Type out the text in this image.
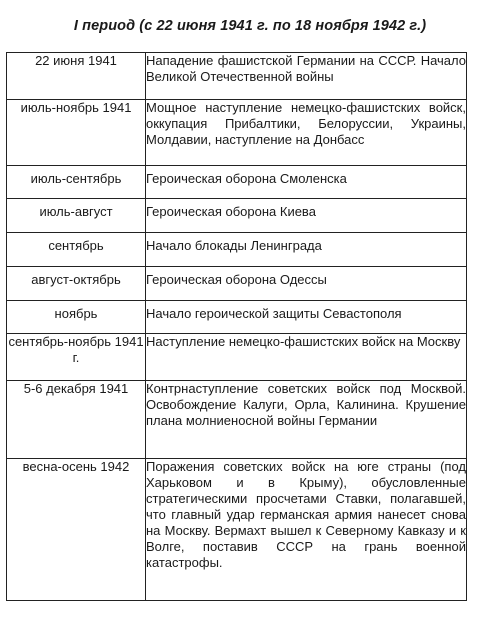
I период (с 22 июня 1941 г. по 18 ноября 1942 г.)
22 июня 1941	Нападение фашистской Германии на СССР. Начало Великой Отечественной войны
июль-ноябрь 1941	Мощное наступление немецко-фашистских войск, оккупация Прибалтики, Белоруссии, Украины, Молдавии, наступление на Донбасс
июль-сентябрь	Героическая оборона Смоленска
июль-август	Героическая оборона Киева
сентябрь	Начало блокады Ленинграда
август-октябрь	Героическая оборона Одессы
ноябрь	Начало героической защиты Севастополя
сентябрь-ноябрь 1941 г.	Наступление немецко-фашистских войск на Москву
5-6 декабря 1941	Контрнаступление советских войск под Москвой. Освобождение Калуги, Орла, Калинина. Крушение плана молниеносной войны Германии
весна-осень 1942	Поражения советских войск на юге страны (под Харьковом и в Крыму), обусловленные стратегическими просчетами Ставки, полагавшей, что главный удар германская армия нанесет снова на Москву. Вермахт вышел к Северному Кавказу и к Волге, поставив СССР на грань военной катастрофы.
